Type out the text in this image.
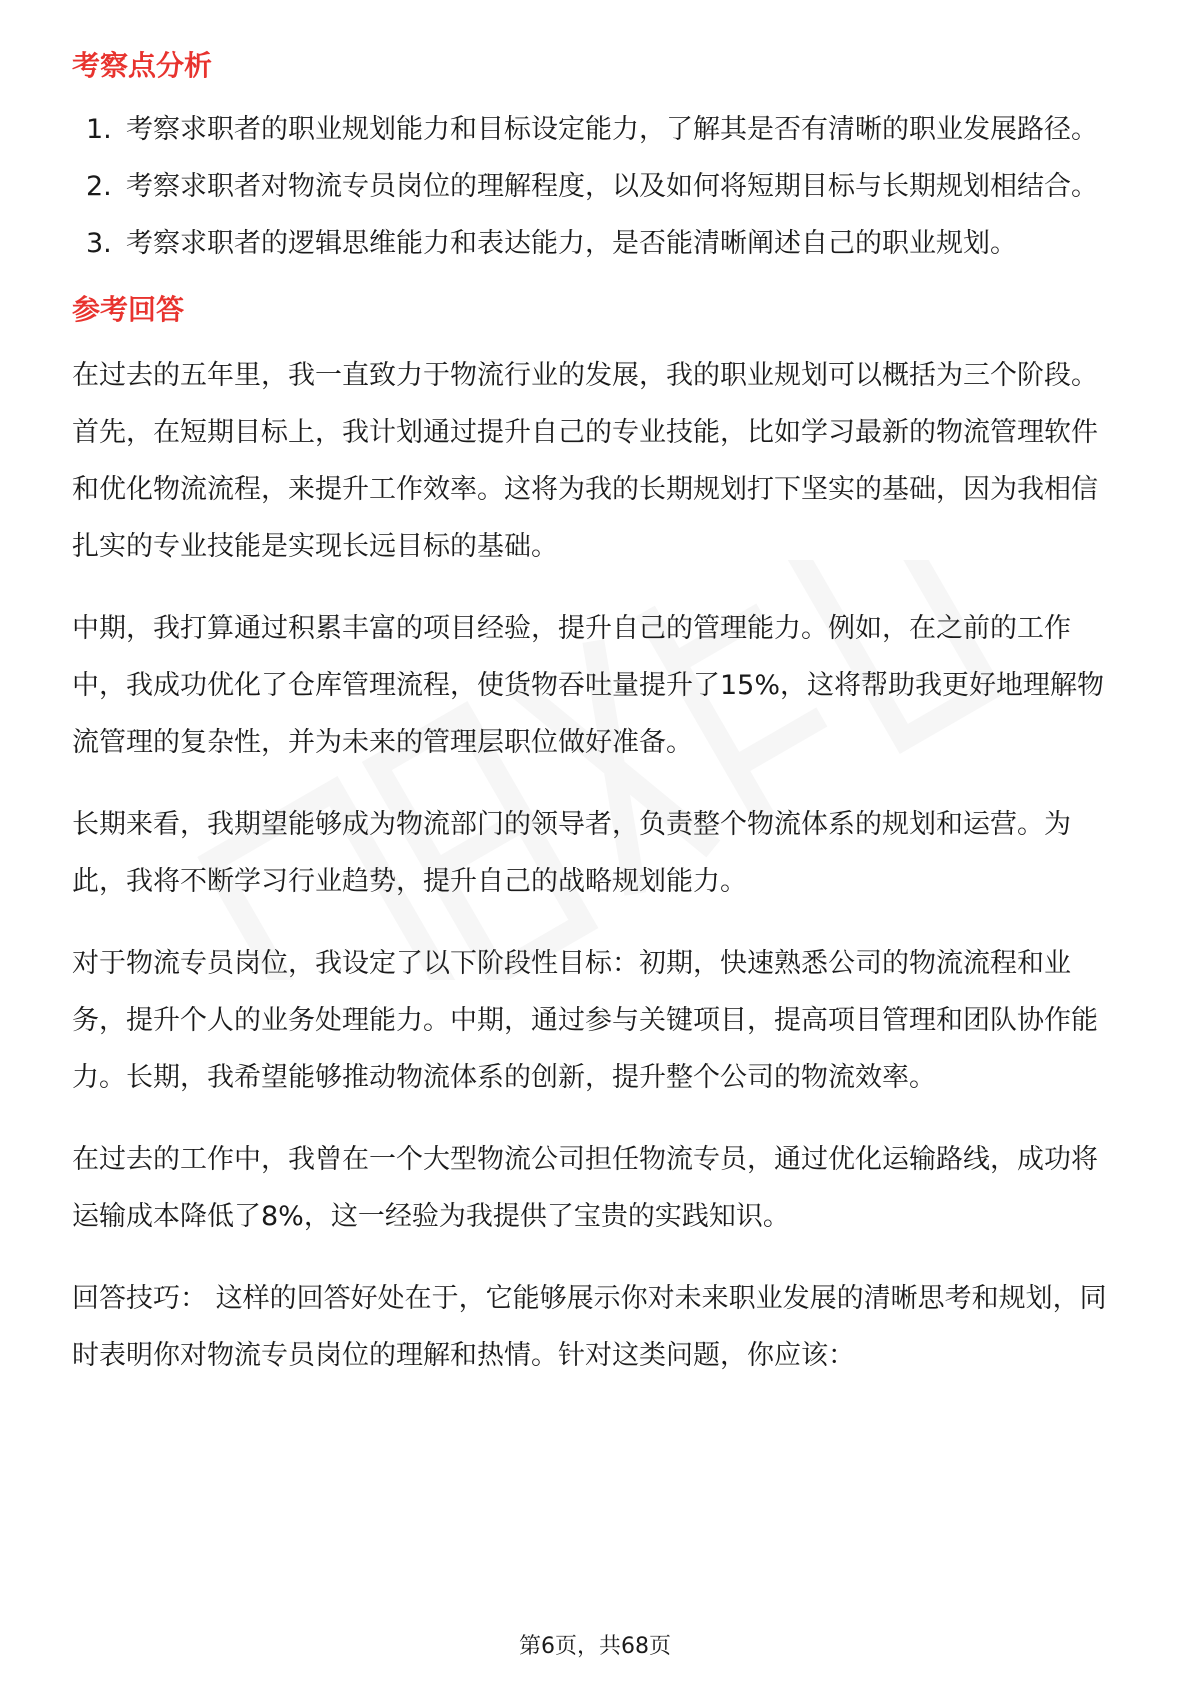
考察点分析
1. 考察求职者的职业规划能力和目标设定能力，了解其是否有清晰的职业发展路径。
2. 考察求职者对物流专员岗位的理解程度，以及如何将短期目标与长期规划相结合。
3. 考察求职者的逻辑思维能力和表达能力，是否能清晰阐述自己的职业规划。
参考回答

在过去的五年里，我一直致力于物流行业的发展，我的职业规划可以概括为三个阶段。首先，在短期目标上，我计划通过提升自己的专业技能，比如学习最新的物流管理软件和优化物流流程，来提升工作效率。这将为我的长期规划打下坚实的基础，因为我相信扎实的专业技能是实现长远目标的基础。

中期，我打算通过积累丰富的项目经验，提升自己的管理能力。例如，在之前的工作中，我成功优化了仓库管理流程，使货物吞吐量提升了15%，这将帮助我更好地理解物流管理的复杂性，并为未来的管理层职位做好准备。

长期来看，我期望能够成为物流部门的领导者，负责整个物流体系的规划和运营。为此，我将不断学习行业趋势，提升自己的战略规划能力。

对于物流专员岗位，我设定了以下阶段性目标：初期，快速熟悉公司的物流流程和业务，提升个人的业务处理能力。中期，通过参与关键项目，提高项目管理和团队协作能力。长期，我希望能够推动物流体系的创新，提升整个公司的物流效率。

在过去的工作中，我曾在一个大型物流公司担任物流专员，通过优化运输路线，成功将运输成本降低了8%，这一经验为我提供了宝贵的实践知识。

回答技巧： 这样的回答好处在于，它能够展示你对未来职业发展的清晰思考和规划，同时表明你对物流专员岗位的理解和热情。针对这类问题，你应该：

第6页，共68页
